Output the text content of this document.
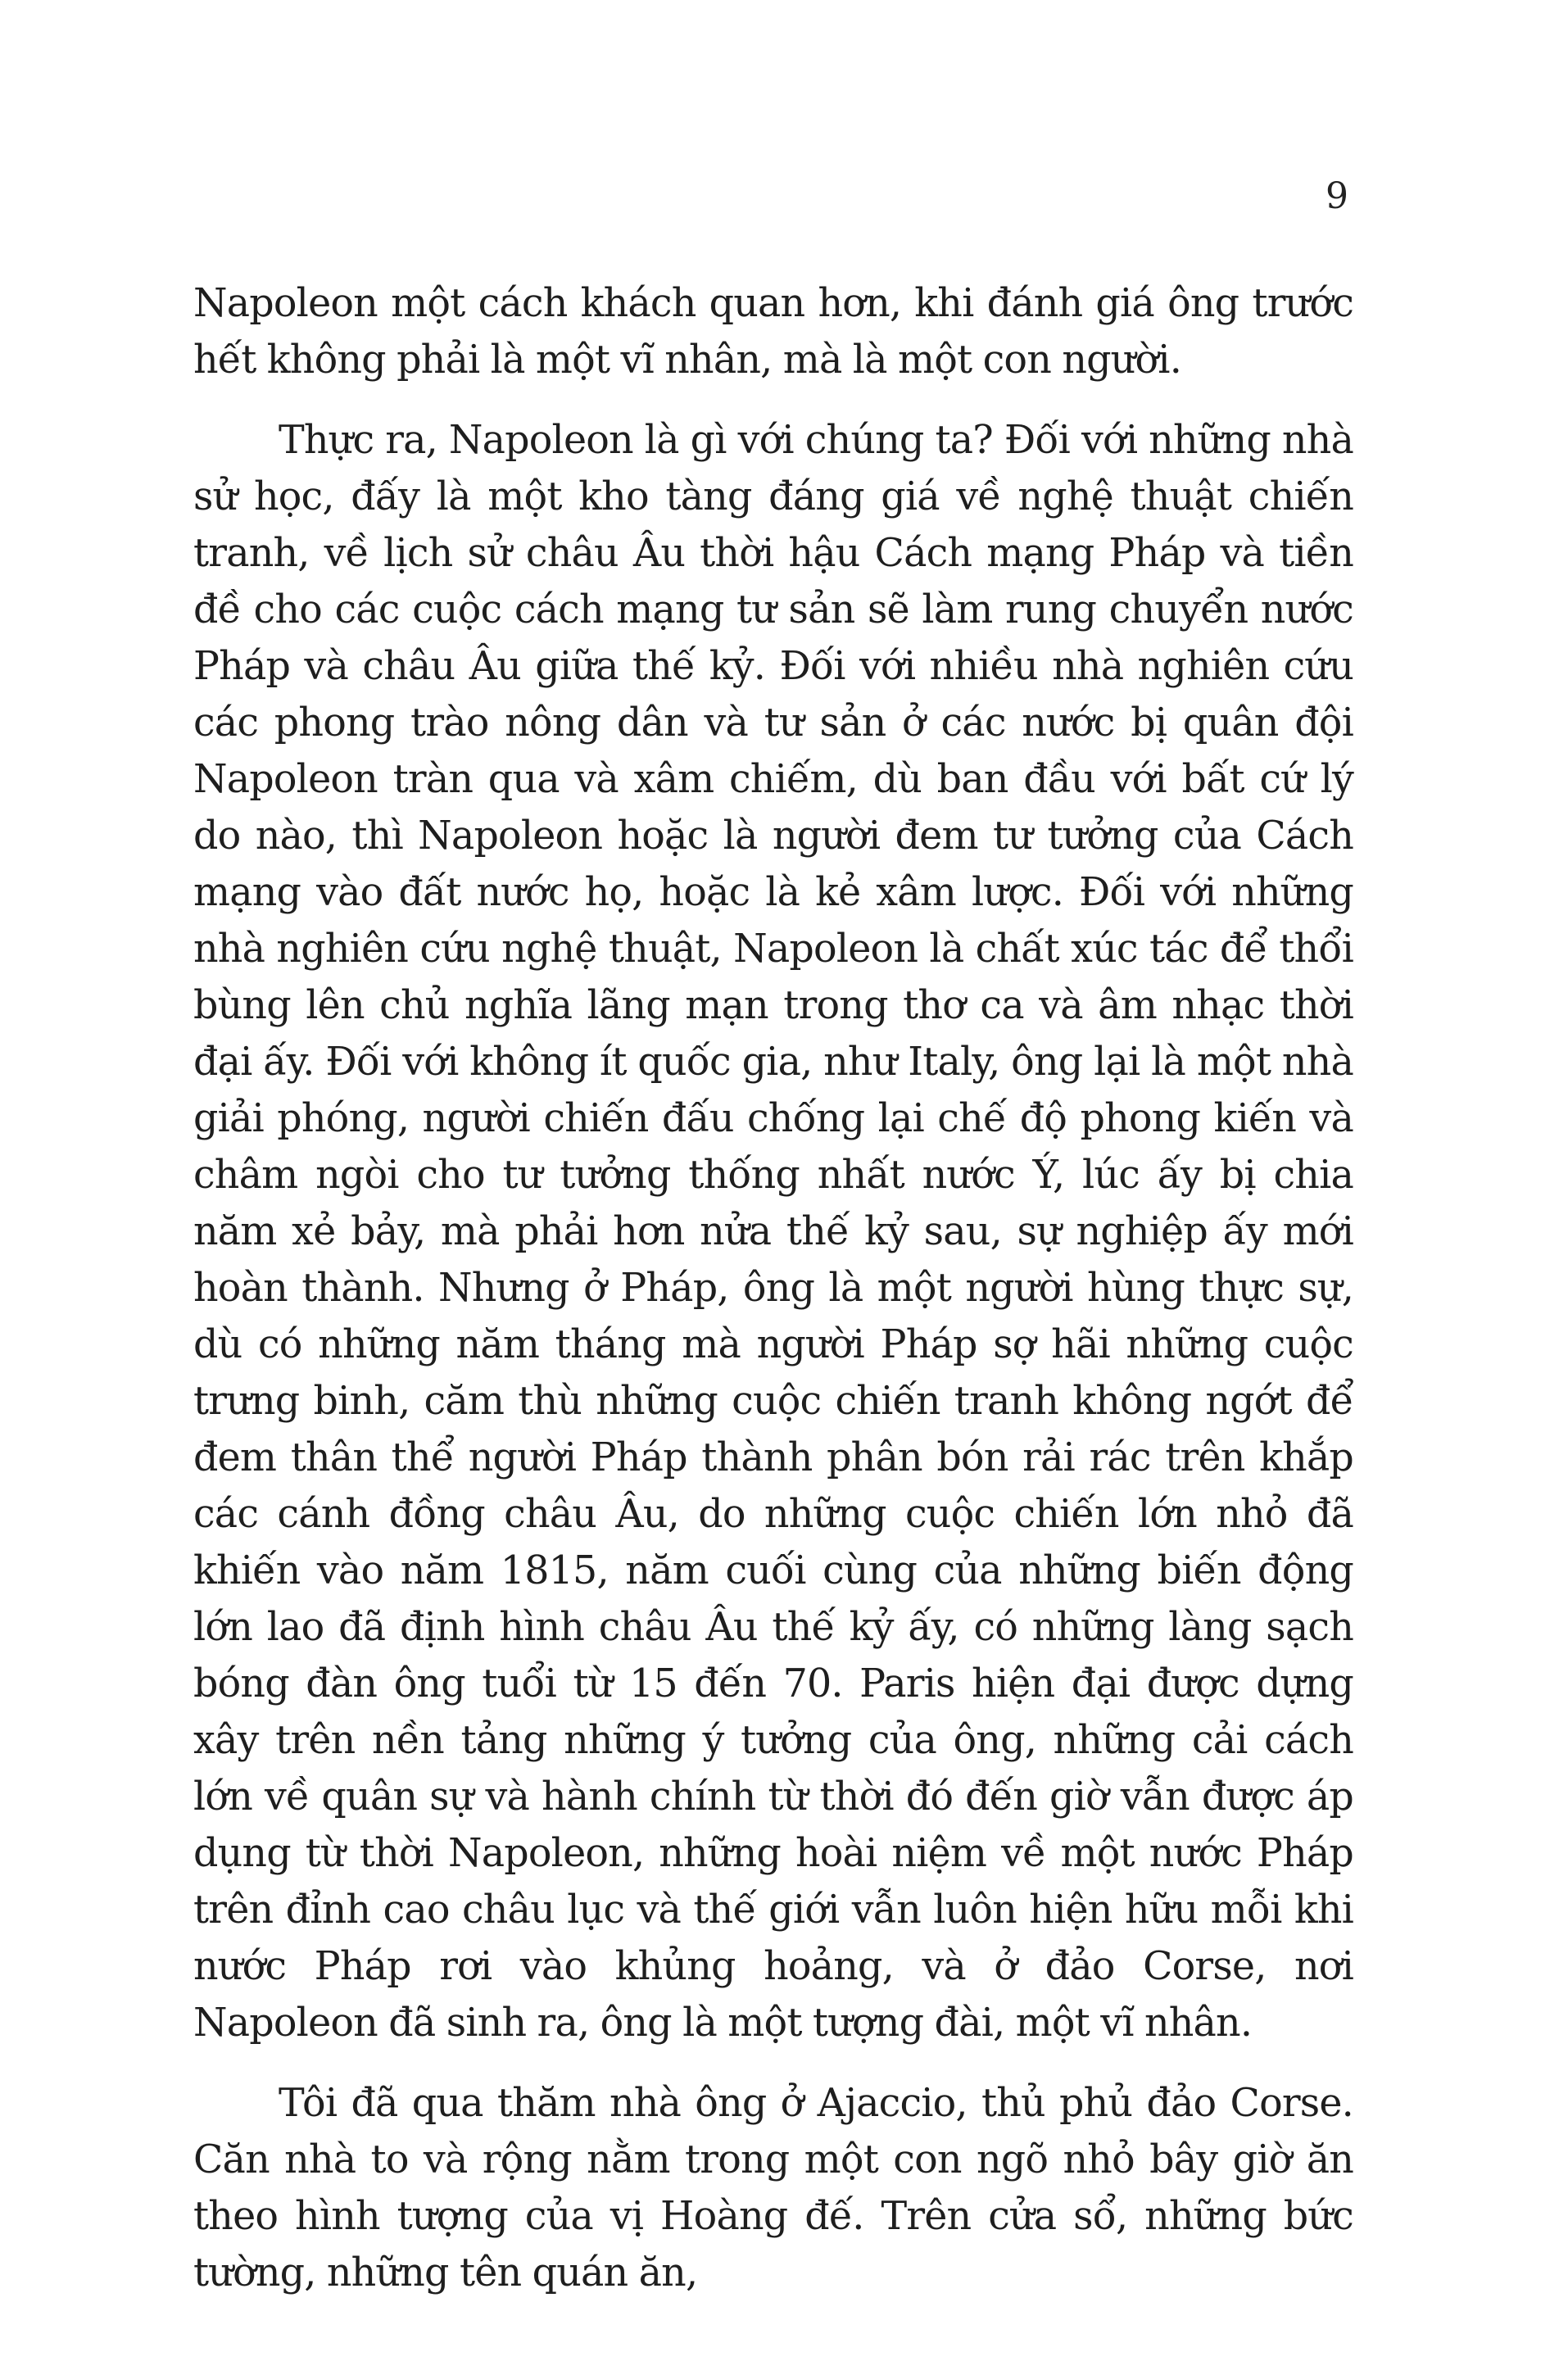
9

Napoleon một cách khách quan hơn, khi đánh giá ông trước hết không phải là một vĩ nhân, mà là một con người.

Thực ra, Napoleon là gì với chúng ta? Đối với những nhà sử học, đấy là một kho tàng đáng giá về nghệ thuật chiến tranh, về lịch sử châu Âu thời hậu Cách mạng Pháp và tiền đề cho các cuộc cách mạng tư sản sẽ làm rung chuyển nước Pháp và châu Âu giữa thế kỷ. Đối với nhiều nhà nghiên cứu các phong trào nông dân và tư sản ở các nước bị quân đội Napoleon tràn qua và xâm chiếm, dù ban đầu với bất cứ lý do nào, thì Napoleon hoặc là người đem tư tưởng của Cách mạng vào đất nước họ, hoặc là kẻ xâm lược. Đối với những nhà nghiên cứu nghệ thuật, Napoleon là chất xúc tác để thổi bùng lên chủ nghĩa lãng mạn trong thơ ca và âm nhạc thời đại ấy. Đối với không ít quốc gia, như Italy, ông lại là một nhà giải phóng, người chiến đấu chống lại chế độ phong kiến và châm ngòi cho tư tưởng thống nhất nước Ý, lúc ấy bị chia năm xẻ bảy, mà phải hơn nửa thế kỷ sau, sự nghiệp ấy mới hoàn thành. Nhưng ở Pháp, ông là một người hùng thực sự, dù có những năm tháng mà người Pháp sợ hãi những cuộc trưng binh, căm thù những cuộc chiến tranh không ngớt để đem thân thể người Pháp thành phân bón rải rác trên khắp các cánh đồng châu Âu, do những cuộc chiến lớn nhỏ đã khiến vào năm 1815, năm cuối cùng của những biến động lớn lao đã định hình châu Âu thế kỷ ấy, có những làng sạch bóng đàn ông tuổi từ 15 đến 70. Paris hiện đại được dựng xây trên nền tảng những ý tưởng của ông, những cải cách lớn về quân sự và hành chính từ thời đó đến giờ vẫn được áp dụng từ thời Napoleon, những hoài niệm về một nước Pháp trên đỉnh cao châu lục và thế giới vẫn luôn hiện hữu mỗi khi nước Pháp rơi vào khủng hoảng, và ở đảo Corse, nơi Napoleon đã sinh ra, ông là một tượng đài, một vĩ nhân.

Tôi đã qua thăm nhà ông ở Ajaccio, thủ phủ đảo Corse. Căn nhà to và rộng nằm trong một con ngõ nhỏ bây giờ ăn theo hình tượng của vị Hoàng đế. Trên cửa sổ, những bức tường, những tên quán ăn,
